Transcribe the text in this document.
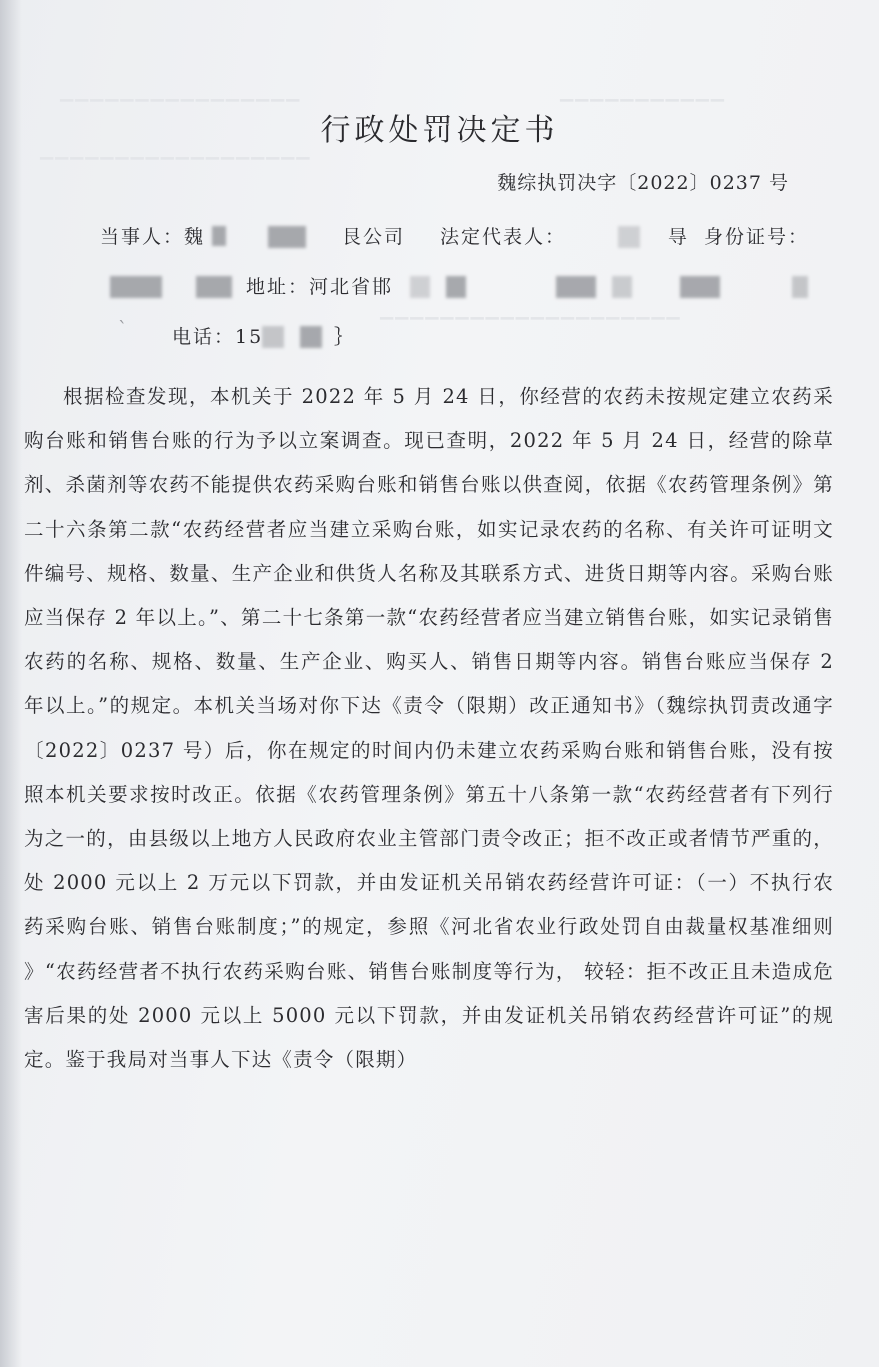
▔▔▔▔▔▔▔▔▔▔▔▔▔▔▔▔	▔▔▔▔▔▔▔▔▔▔▔
▔▔▔▔▔▔▔▔▔▔▔▔▔▔▔▔▔▔
▔▔▔▔▔▔▔▔▔▔▔▔▔▔▔▔▔▔▔▔
行政处罚决定书
魏综执罚决字〔2022〕0237 号
当事人：魏	艮公司 法定代表人：	㝵 身份证号：
地址：河北省邯
` 电话：15	｝

根据检查发现，本机关于 2022 年 5 月 24 日，你经营的农药未按规定建立农药采购台账和销售台账的行为予以立案调查。现已查明，2022 年 5 月 24 日，经营的除草剂、杀菌剂等农药不能提供农药采购台账和销售台账以供查阅，依据《农药管理条例》第二十六条第二款“农药经营者应当建立采购台账，如实记录农药的名称、有关许可证明文件编号、规格、数量、生产企业和供货人名称及其联系方式、进货日期等内容。采购台账应当保存 2 年以上。”、第二十七条第一款“农药经营者应当建立销售台账，如实记录销售农药的名称、规格、数量、生产企业、购买人、销售日期等内容。销售台账应当保存 2 年以上。”的规定。本机关当场对你下达《责令（限期）改正通知书》（魏综执罚责改通字〔2022〕0237 号）后，你在规定的时间内仍未建立农药采购台账和销售台账，没有按照本机关要求按时改正。依据《农药管理条例》第五十八条第一款“农药经营者有下列行为之一的，由县级以上地方人民政府农业主管部门责令改正；拒不改正或者情节严重的，处 2000 元以上 2 万元以下罚款，并由发证机关吊销农药经营许可证：（一）不执行农药采购台账、销售台账制度；”的规定，参照《河北省农业行政处罚自由裁量权基准细则 》“农药经营者不执行农药采购台账、销售台账制度等行为， 较轻：拒不改正且未造成危害后果的处 2000 元以上 5000 元以下罚款，并由发证机关吊销农药经营许可证”的规定。鉴于我局对当事人下达《责令（限期）
